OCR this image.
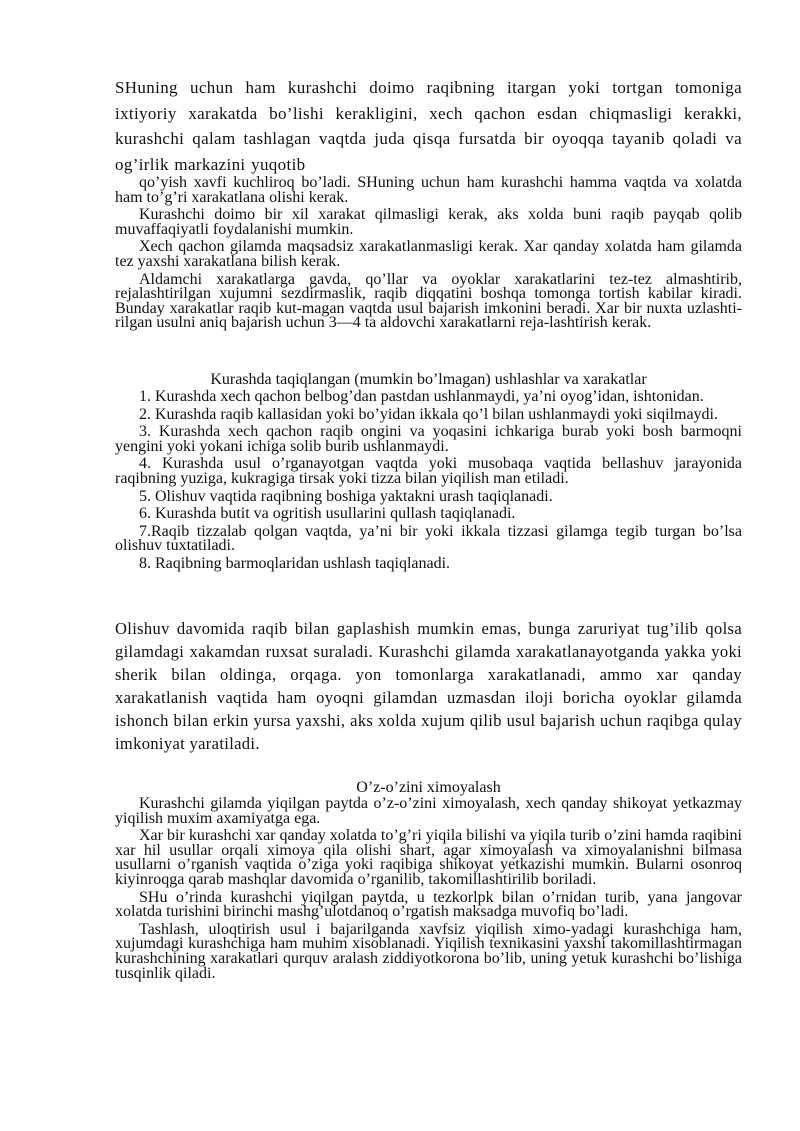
SHuning uchun ham kurashchi doimo raqibning itargan yoki tortgan tomoniga ixtiyoriy xarakatda bo’lishi kerakligini, xech qachon esdan chiqmasligi kerakki, kurashchi qalam tashlagan vaqtda juda qisqa fursatda bir oyoqqa tayanib qoladi va og’irlik markazini yuqotib

qo’yish xavfi kuchliroq bo’ladi. SHuning uchun ham kurashchi hamma vaqtda va xolatda ham to’g’ri xarakatlana olishi kerak.

Kurashchi doimo bir xil xarakat qilmasligi kerak, aks xolda buni raqib payqab qolib muvaffaqiyatli foydalanishi mumkin.

Xech qachon gilamda maqsadsiz xarakatlanmasligi kerak. Xar qanday xolatda ham gilamda tez yaxshi xarakatlana bilish kerak.

Aldamchi xarakatlarga gavda, qo’llar va oyoklar xarakatlarini tez-tez almashtirib, rejalashtirilgan xujumni sezdirmaslik, raqib diqqatini boshqa tomonga tortish kabilar kiradi. Bunday xarakatlar raqib kut-magan vaqtda usul bajarish imkonini beradi. Xar bir nuxta uzlashti-rilgan usulni aniq bajarish uchun 3—4 ta aldovchi xarakatlarni reja-lashtirish kerak.

Kurashda taqiqlangan (mumkin bo’lmagan) ushlashlar va xarakatlar

1. Kurashda xech qachon belbog’dan pastdan ushlanmaydi, ya’ni oyog’idan, ishtonidan.

2. Kurashda raqib kallasidan yoki bo’yidan ikkala qo’l bilan ushlanmaydi yoki siqilmaydi.

3. Kurashda xech qachon raqib ongini va yoqasini ichkariga burab yoki bosh barmoqni yengini yoki yokani ichiga solib burib ushlanmaydi.

4. Kurashda usul o’rganayotgan vaqtda yoki musobaqa vaqtida bellashuv jarayonida raqibning yuziga, kukragiga tirsak yoki tizza bilan yiqilish man etiladi.

5. Olishuv vaqtida raqibning boshiga yaktakni urash taqiqlanadi.

6. Kurashda butit va ogritish usullarini qullash taqiqlanadi.

7.Raqib tizzalab qolgan vaqtda, ya’ni bir yoki ikkala tizzasi gilamga tegib turgan bo’lsa olishuv tuxtatiladi.

8. Raqibning barmoqlaridan ushlash taqiqlanadi.

Olishuv davomida raqib bilan gaplashish mumkin emas, bunga zaruriyat tug’ilib qolsa gilamdagi xakamdan ruxsat suraladi. Kurashchi gilamda xarakatlanayotganda yakka yoki sherik bilan oldinga, orqaga. yon tomonlarga xarakatlanadi, ammo xar qanday xarakatlanish vaqtida ham oyoqni gilamdan uzmasdan iloji boricha oyoklar gilamda ishonch bilan erkin yursa yaxshi, aks xolda xujum qilib usul bajarish uchun raqibga qulay imkoniyat yaratiladi.

O’z-o’zini ximoyalash

Kurashchi gilamda yiqilgan paytda o’z-o’zini ximoyalash, xech qanday shikoyat yetkazmay yiqilish muxim axamiyatga ega.

Xar bir kurashchi xar qanday xolatda to’g’ri yiqila bilishi va yiqila turib o’zini hamda raqibini xar hil usullar orqali ximoya qila olishi shart, agar ximoyalash va ximoyalanishni bilmasa usullarni o’rganish vaqtida o’ziga yoki raqibiga shikoyat yetkazishi mumkin. Bularni osonroq kiyinroqga qarab mashqlar davomida o’rganilib, takomillashtirilib boriladi.

SHu o’rinda kurashchi yiqilgan paytda, u tezkorlpk bilan o’rnidan turib, yana jangovar xolatda turishini birinchi mashg’ulotdanoq o’rgatish maksadga muvofiq bo’ladi.

Tashlash, uloqtirish usul i bajarilganda xavfsiz yiqilish ximo-yadagi kurashchiga ham, xujumdagi kurashchiga ham muhim xisoblanadi. Yiqilish texnikasini yaxshi takomillashtirmagan kurashchining xarakatlari qurquv aralash ziddiyotkorona bo’lib, uning yetuk kurashchi bo’lishiga tusqinlik qiladi.
